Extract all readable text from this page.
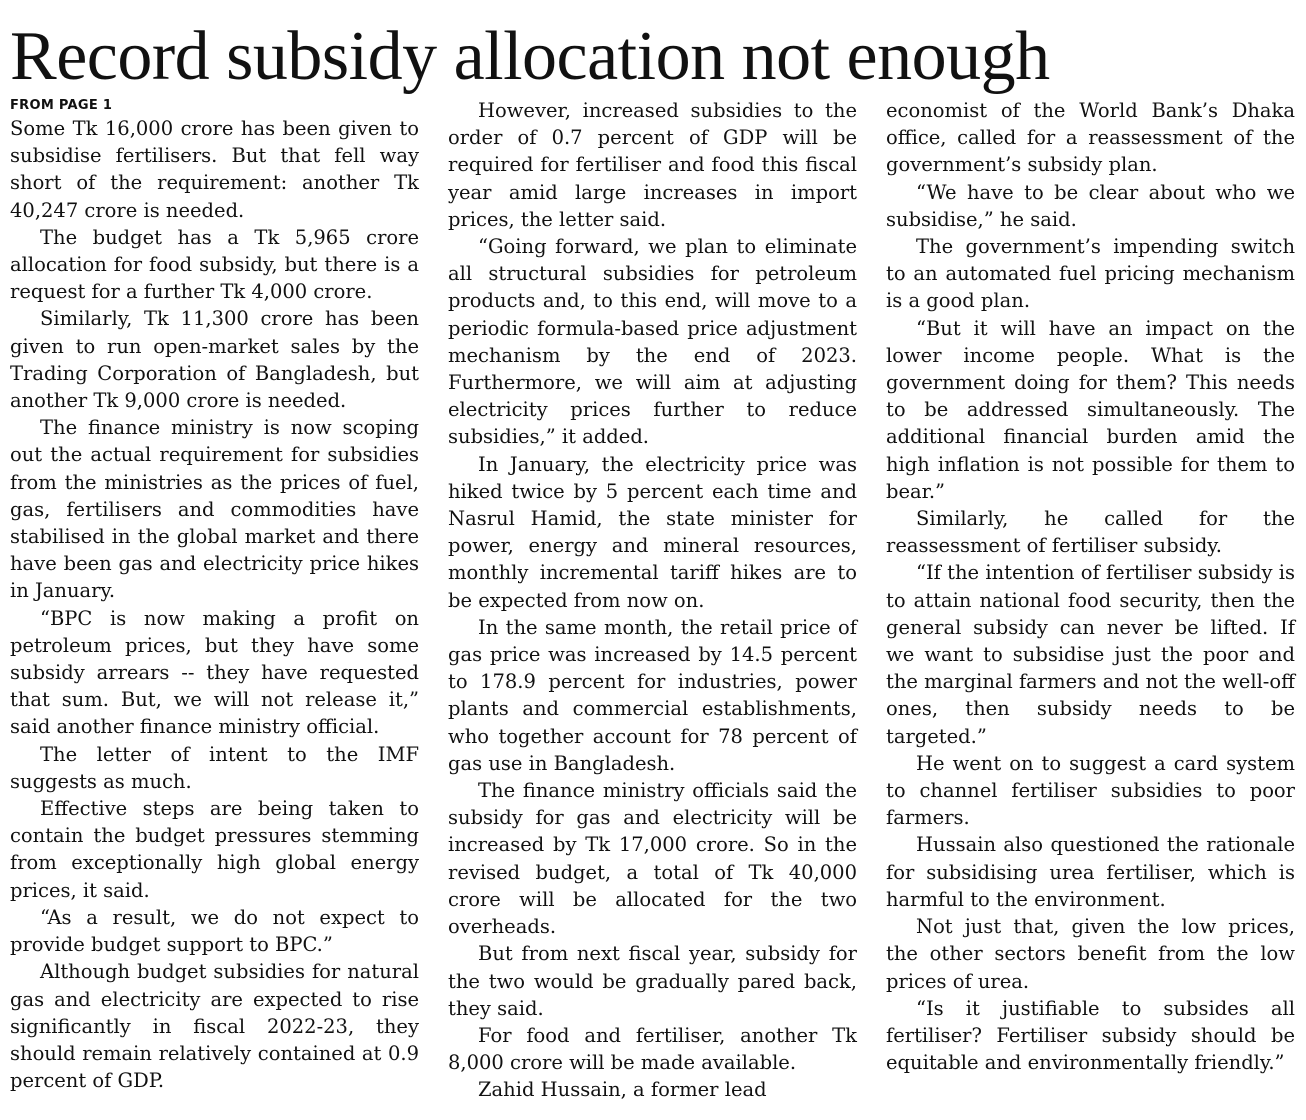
Record subsidy allocation not enough
FROM PAGE 1

Some Tk 16,000 crore has been given to subsidise fertilisers. But that fell way short of the requirement: another Tk 40,247 crore is needed.

The budget has a Tk 5,965 crore allocation for food subsidy, but there is a request for a further Tk 4,000 crore.

Similarly, Tk 11,300 crore has been given to run open-market sales by the Trading Corporation of Bangladesh, but another Tk 9,000 crore is needed.

The finance ministry is now scoping out the actual requirement for subsidies from the ministries as the prices of fuel, gas, fertilisers and commodities have stabilised in the global market and there have been gas and electricity price hikes in January.

“BPC is now making a profit on petroleum prices, but they have some subsidy arrears -- they have requested that sum. But, we will not release it,” said another finance ministry official.

The letter of intent to the IMF suggests as much.

Effective steps are being taken to contain the budget pressures stemming from exceptionally high global energy prices, it said.

“As a result, we do not expect to provide budget support to BPC.”

Although budget subsidies for natural gas and electricity are expected to rise significantly in fiscal 2022-23, they should remain relatively contained at 0.9 percent of GDP.

However, increased subsidies to the order of 0.7 percent of GDP will be required for fertiliser and food this fiscal year amid large increases in import prices, the letter said.

“Going forward, we plan to eliminate all structural subsidies for petroleum products and, to this end, will move to a periodic formula-based price adjustment mechanism by the end of 2023. Furthermore, we will aim at adjusting electricity prices further to reduce subsidies,” it added.

In January, the electricity price was hiked twice by 5 percent each time and Nasrul Hamid, the state minister for power, energy and mineral resources, monthly incremental tariff hikes are to be expected from now on.

In the same month, the retail price of gas price was increased by 14.5 percent to 178.9 percent for industries, power plants and commercial establishments, who together account for 78 percent of gas use in Bangladesh.

The finance ministry officials said the subsidy for gas and electricity will be increased by Tk 17,000 crore. So in the revised budget, a total of Tk 40,000 crore will be allocated for the two overheads.

But from next fiscal year, subsidy for the two would be gradually pared back, they said.

For food and fertiliser, another Tk 8,000 crore will be made available.

Zahid Hussain, a former lead

economist of the World Bank’s Dhaka office, called for a reassessment of the government’s subsidy plan.

“We have to be clear about who we subsidise,” he said.

The government’s impending switch to an automated fuel pricing mechanism is a good plan.

“But it will have an impact on the lower income people. What is the government doing for them? This needs to be addressed simultaneously. The additional financial burden amid the high inflation is not possible for them to bear.”

Similarly, he called for the reassessment of fertiliser subsidy.

“If the intention of fertiliser subsidy is to attain national food security, then the general subsidy can never be lifted. If we want to subsidise just the poor and the marginal farmers and not the well-off ones, then subsidy needs to be targeted.”

He went on to suggest a card system to channel fertiliser subsidies to poor farmers.

Hussain also questioned the rationale for subsidising urea fertiliser, which is harmful to the environment.

Not just that, given the low prices, the other sectors benefit from the low prices of urea.

“Is it justifiable to subsides all fertiliser? Fertiliser subsidy should be equitable and environmentally friendly.”
